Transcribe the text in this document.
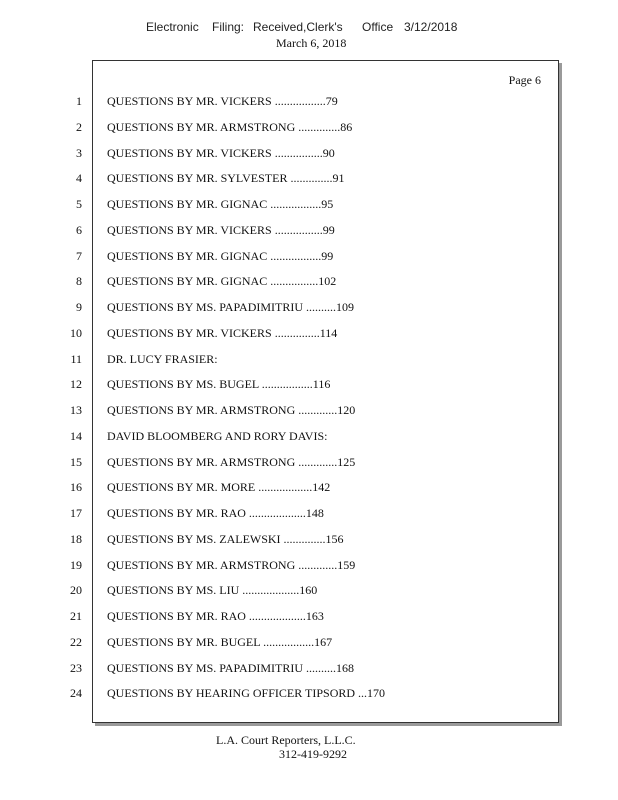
Electronic Filing: Received,Clerk's Office 3/12/2018
March 6, 2018
Page 6
1
2
3
4
5
6
7
8
9
10
11
12
13
14
15
16
17
18
19
20
21
22
23
24
QUESTIONS BY MR. VICKERS .................79
QUESTIONS BY MR. ARMSTRONG ..............86
QUESTIONS BY MR. VICKERS ................90
QUESTIONS BY MR. SYLVESTER ..............91
QUESTIONS BY MR. GIGNAC .................95
QUESTIONS BY MR. VICKERS ................99
QUESTIONS BY MR. GIGNAC .................99
QUESTIONS BY MR. GIGNAC ................102
QUESTIONS BY MS. PAPADIMITRIU ..........109
QUESTIONS BY MR. VICKERS ...............114
DR. LUCY FRASIER:
QUESTIONS BY MS. BUGEL .................116
QUESTIONS BY MR. ARMSTRONG .............120
DAVID BLOOMBERG AND RORY DAVIS:
QUESTIONS BY MR. ARMSTRONG .............125
QUESTIONS BY MR. MORE ..................142
QUESTIONS BY MR. RAO ...................148
QUESTIONS BY MS. ZALEWSKI ..............156
QUESTIONS BY MR. ARMSTRONG .............159
QUESTIONS BY MS. LIU ...................160
QUESTIONS BY MR. RAO ...................163
QUESTIONS BY MR. BUGEL .................167
QUESTIONS BY MS. PAPADIMITRIU ..........168
QUESTIONS BY HEARING OFFICER TIPSORD ...170
L.A. Court Reporters, L.L.C.
312-419-9292
